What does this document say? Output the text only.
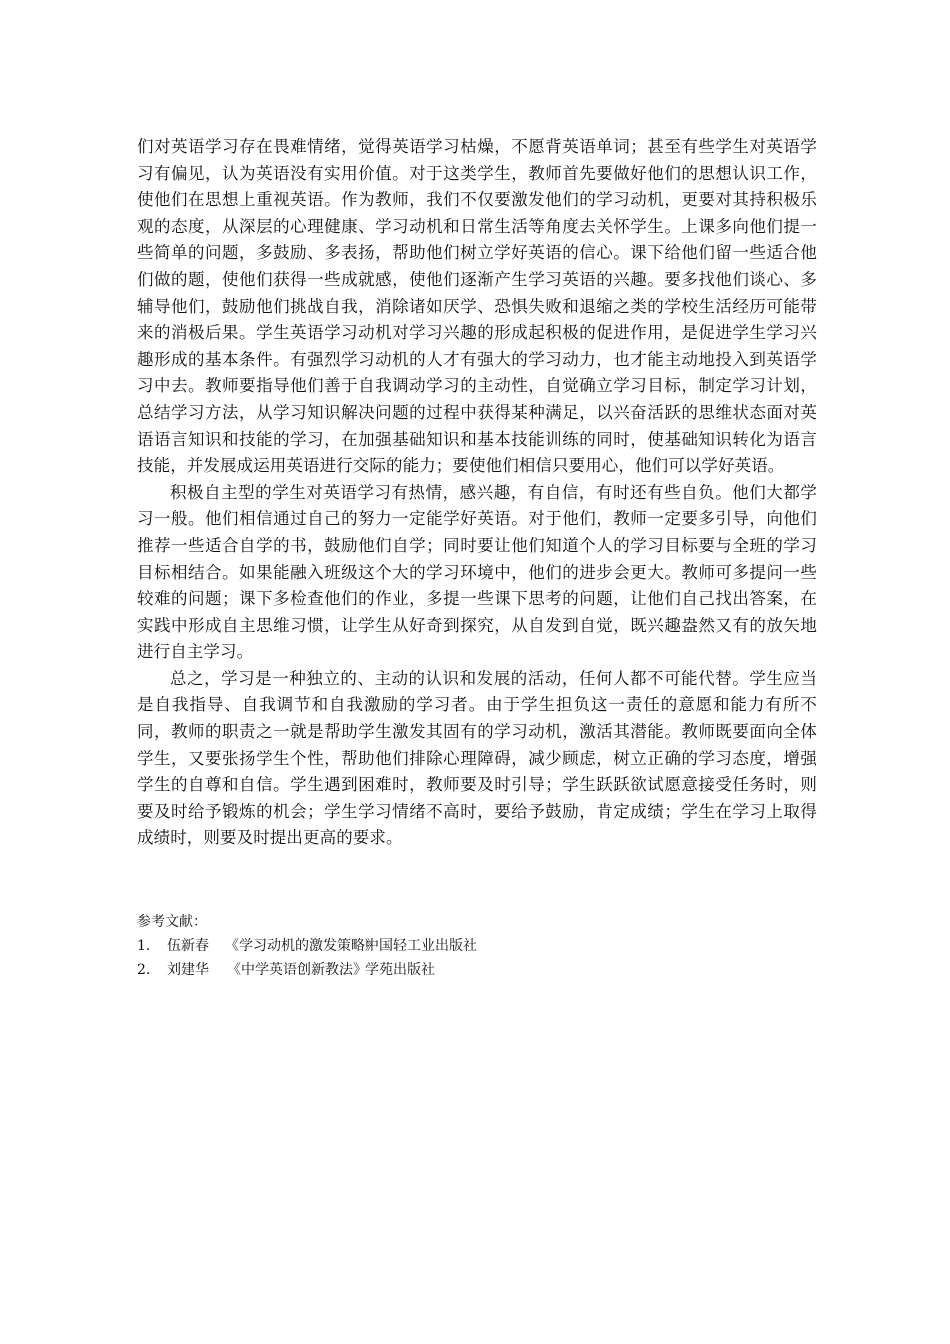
们对英语学习存在畏难情绪，觉得英语学习枯燥，不愿背英语单词；甚至有些学生对英语学习有偏见，认为英语没有实用价值。对于这类学生，教师首先要做好他们的思想认识工作，使他们在思想上重视英语。作为教师，我们不仅要激发他们的学习动机，更要对其持积极乐观的态度，从深层的心理健康、学习动机和日常生活等角度去关怀学生。上课多向他们提一些简单的问题，多鼓励、多表扬，帮助他们树立学好英语的信心。课下给他们留一些适合他们做的题，使他们获得一些成就感，使他们逐渐产生学习英语的兴趣。要多找他们谈心、多辅导他们，鼓励他们挑战自我，消除诸如厌学、恐惧失败和退缩之类的学校生活经历可能带来的消极后果。学生英语学习动机对学习兴趣的形成起积极的促进作用，是促进学生学习兴趣形成的基本条件。有强烈学习动机的人才有强大的学习动力，也才能主动地投入到英语学习中去。教师要指导他们善于自我调动学习的主动性，自觉确立学习目标，制定学习计划，总结学习方法，从学习知识解决问题的过程中获得某种满足，以兴奋活跃的思维状态面对英语语言知识和技能的学习，在加强基础知识和基本技能训练的同时，使基础知识转化为语言技能，并发展成运用英语进行交际的能力；要使他们相信只要用心，他们可以学好英语。

积极自主型的学生对英语学习有热情，感兴趣，有自信，有时还有些自负。他们大都学习一般。他们相信通过自己的努力一定能学好英语。对于他们，教师一定要多引导，向他们推荐一些适合自学的书，鼓励他们自学；同时要让他们知道个人的学习目标要与全班的学习目标相结合。如果能融入班级这个大的学习环境中，他们的进步会更大。教师可多提问一些较难的问题；课下多检查他们的作业，多提一些课下思考的问题，让他们自己找出答案，在实践中形成自主思维习惯，让学生从好奇到探究，从自发到自觉，既兴趣盎然又有的放矢地进行自主学习。

总之，学习是一种独立的、主动的认识和发展的活动，任何人都不可能代替。学生应当是自我指导、自我调节和自我激励的学习者。由于学生担负这一责任的意愿和能力有所不同，教师的职责之一就是帮助学生激发其固有的学习动机，激活其潜能。教师既要面向全体学生，又要张扬学生个性，帮助他们排除心理障碍，减少顾虑，树立正确的学习态度，增强学生的自尊和自信。学生遇到困难时，教师要及时引导；学生跃跃欲试愿意接受任务时，则要及时给予锻炼的机会；学生学习情绪不高时，要给予鼓励，肯定成绩；学生在学习上取得成绩时，则要及时提出更高的要求。

参考文献：

1.	伍新春	《学习动机的激发策略》
中国轻工业出版社
2.	刘建华	《中学英语创新教法》
学苑出版社
